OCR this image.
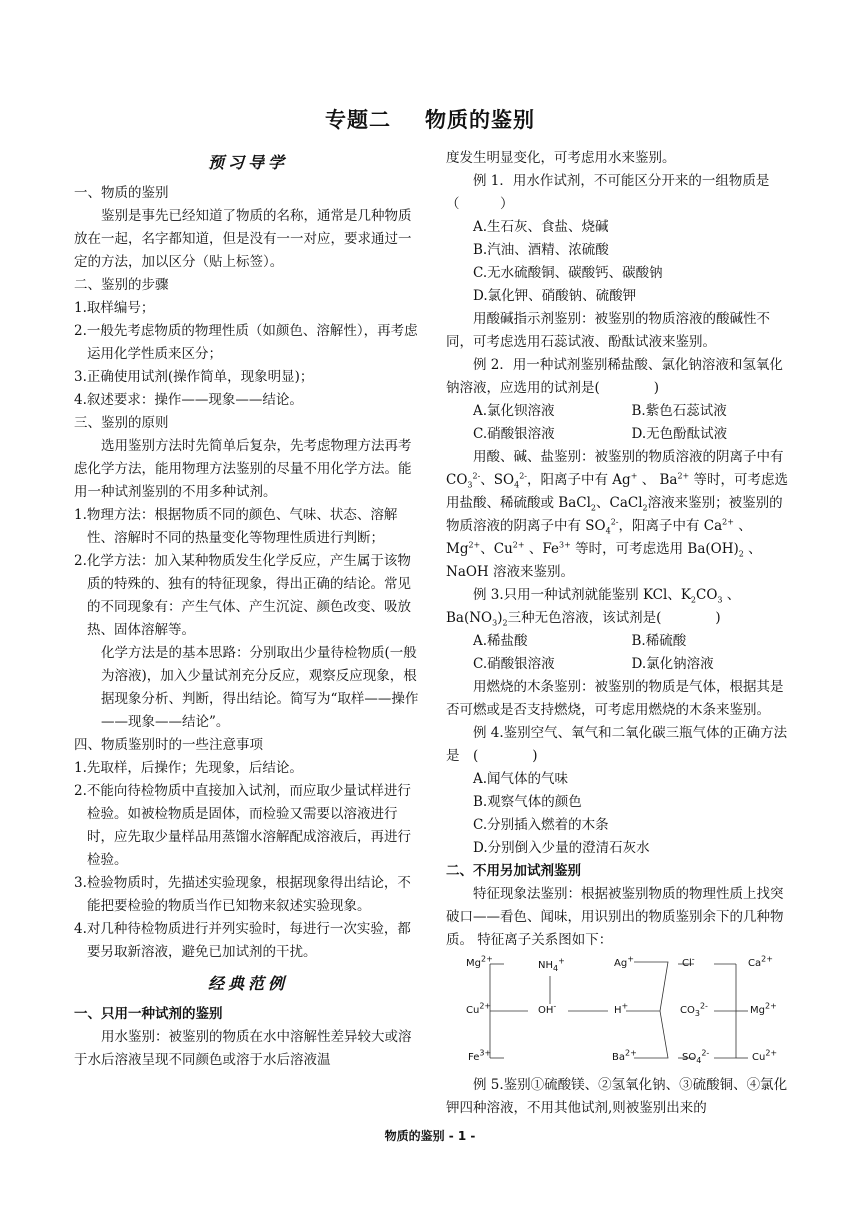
专题二 物质的鉴别
预习导学

一、物质的鉴别

鉴别是事先已经知道了物质的名称，通常是几种物质放在一起，名字都知道，但是没有一一对应，要求通过一定的方法，加以区分（贴上标签）。

二、鉴别的步骤

1.取样编号；

2.一般先考虑物质的物理性质（如颜色、溶解性），再考虑运用化学性质来区分；

3.正确使用试剂(操作简单，现象明显)；

4.叙述要求：操作——现象——结论。

三、鉴别的原则

选用鉴别方法时先简单后复杂，先考虑物理方法再考虑化学方法，能用物理方法鉴别的尽量不用化学方法。能用一种试剂鉴别的不用多种试剂。

1.物理方法：根据物质不同的颜色、气味、状态、溶解性、溶解时不同的热量变化等物理性质进行判断；

2.化学方法：加入某种物质发生化学反应，产生属于该物质的特殊的、独有的特征现象，得出正确的结论。常见的不同现象有：产生气体、产生沉淀、颜色改变、吸放热、固体溶解等。

化学方法是的基本思路：分别取出少量待检物质(一般为溶液)，加入少量试剂充分反应，观察反应现象，根据现象分析、判断，得出结论。简写为“取样——操作——现象——结论”。

四、物质鉴别时的一些注意事项

1.先取样，后操作；先现象，后结论。

2.不能向待检物质中直接加入试剂，而应取少量试样进行检验。如被检物质是固体，而检验又需要以溶液进行时，应先取少量样品用蒸馏水溶解配成溶液后，再进行检验。

3.检验物质时，先描述实验现象，根据现象得出结论，不能把要检验的物质当作已知物来叙述实验现象。

4.对几种待检物质进行并列实验时，每进行一次实验，都要另取新溶液，避免已加试剂的干扰。

经典范例

一、只用一种试剂的鉴别

用水鉴别：被鉴别的物质在水中溶解性差异较大或溶于水后溶液呈现不同颜色或溶于水后溶液温

度发生明显变化，可考虑用水来鉴别。

例 1．用水作试剂，不可能区分开来的一组物质是（　　　）

A.生石灰、食盐、烧碱

B.汽油、酒精、浓硫酸

C.无水硫酸铜、碳酸钙、碳酸钠

D.氯化钾、硝酸钠、硫酸钾

用酸碱指示剂鉴别：被鉴别的物质溶液的酸碱性不同，可考虑选用石蕊试液、酚酞试液来鉴别。

例 2．用一种试剂鉴别稀盐酸、氯化钠溶液和氢氧化钠溶液，应选用的试剂是(　　　　)

A.氯化钡溶液	B.紫色石蕊试液
C.硝酸银溶液	D.无色酚酞试液

用酸、碱、盐鉴别：被鉴别的物质溶液的阴离子中有 $CO_3^{2-}$、$SO_4^{2-}$，阳离子中有 Ag+ 、 $Ba^{2+}$ 等时，可考虑选用盐酸、稀硫酸或 BaCl$_2$、CaCl$_2$溶液来鉴别；被鉴别的物质溶液的阴离子中有 $SO_4^{2-}$，阳离子中有 $Ca^{2+}$ 、$Mg^{2+}$、$Cu^{2+}$ 、$Fe^{3+}$ 等时，可考虑选用 $Ba(OH)_2$ 、NaOH 溶液来鉴别。

例 3.只用一种试剂就能鉴别 KCl、$K_2CO_3$ 、$Ba(NO_3)_2$三种无色溶液，该试剂是(　　　　)

A.稀盐酸	B.稀硫酸
C.硝酸银溶液	D.氯化钠溶液

用燃烧的木条鉴别：被鉴别的物质是气体，根据其是否可燃或是否支持燃烧，可考虑用燃烧的木条来鉴别。

例 4.鉴别空气、氧气和二氧化碳三瓶气体的正确方法是　(　　　　)

A.闻气体的气味

B.观察气体的颜色

C.分别插入燃着的木条

D.分别倒入少量的澄清石灰水

二、不用另加试剂鉴别

特征现象法鉴别：根据被鉴别物质的物理性质上找突破口——看色、闻味，用识别出的物质鉴别余下的几种物质。 特征离子关系图如下：

$Mg^{2+}$
$Cu^{2+}$
$Fe^{3+}$
$NH_4^+$
OH-
Ag+
H+
$Ba^{2+}$
Cl-
$CO_3^{2-}$
$SO_4^{2-}$
$Ca^{2+}$
$Mg^{2+}$
$Cu^{2+}$

例 5.鉴别①硫酸镁、②氢氧化钠、③硫酸铜、④氯化钾四种溶液，不用其他试剂,则被鉴别出来的

物质的鉴别 - 1 -
